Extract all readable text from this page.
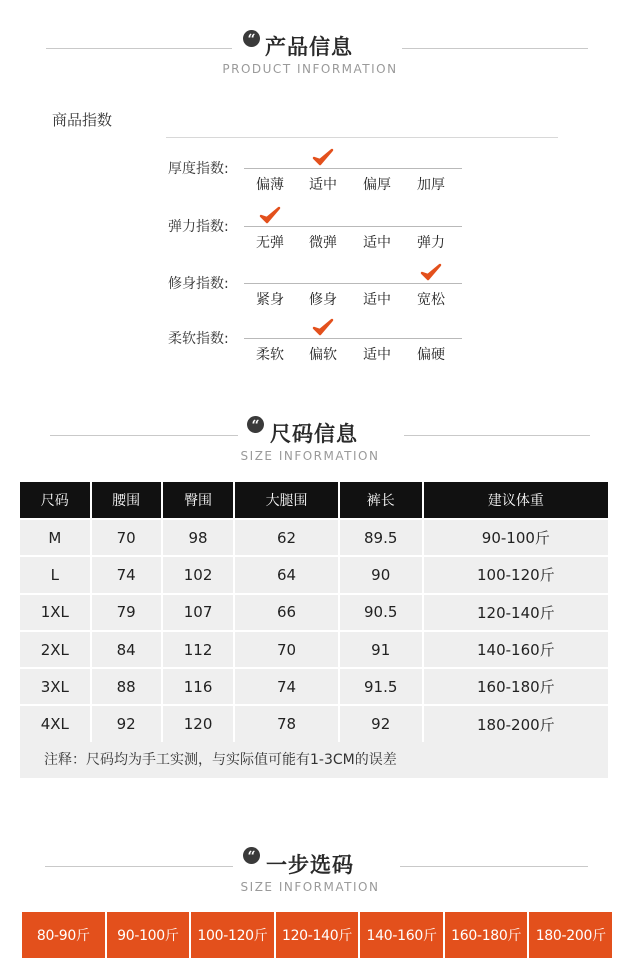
“ 产品信息
PRODUCT INFORMATION
商品指数
厚度指数:
偏薄	适中	偏厚	加厚
弹力指数:
无弹	微弹	适中	弹力
修身指数:
紧身	修身	适中	宽松
柔软指数:
柔软	偏软	适中	偏硬
“ 尺码信息
SIZE INFORMATION
尺码	腰围	臀围	大腿围	裤长	建议体重
M	70	98	62	89.5	90-100斤
L	74	102	64	90	100-120斤
1XL	79	107	66	90.5	120-140斤
2XL	84	112	70	91	140-160斤
3XL	88	116	74	91.5	160-180斤
4XL	92	120	78	92	180-200斤
注释：尺码均为手工实测，与实际值可能有1-3CM的误差
“ 一步选码
SIZE INFORMATION
80-90斤	90-100斤	100-120斤	120-140斤	140-160斤	160-180斤	180-200斤
